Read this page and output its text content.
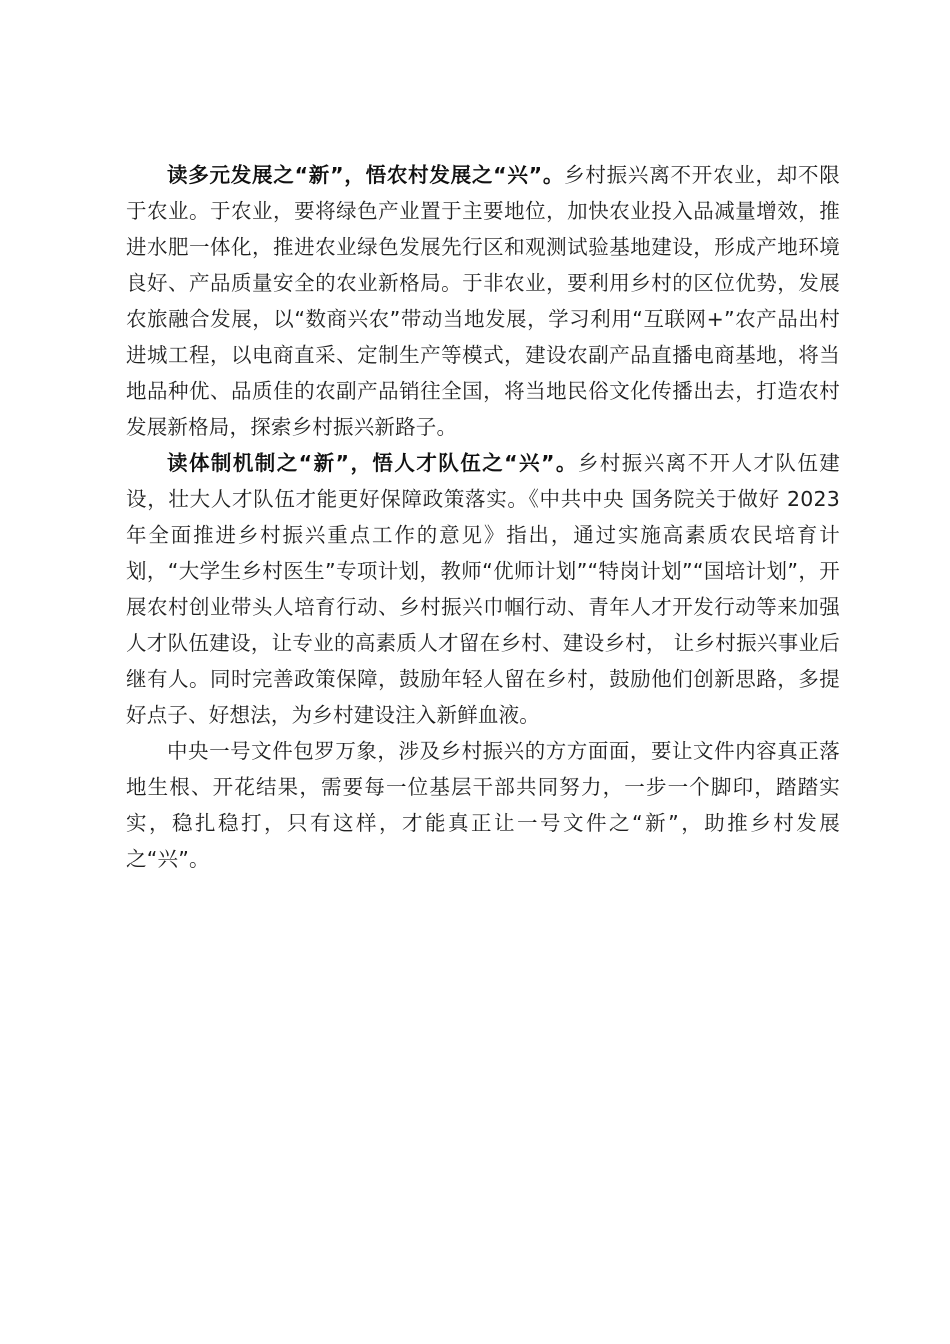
读多元发展之“新”，悟农村发展之“兴”。乡村振兴离不开农业，却不限于农业。于农业，要将绿色产业置于主要地位，加快农业投入品减量增效，推进水肥一体化，推进农业绿色发展先行区和观测试验基地建设，形成产地环境良好、产品质量安全的农业新格局。于非农业，要利用乡村的区位优势，发展农旅融合发展，以“数商兴农”带动当地发展，学习利用“互联网+”农产品出村进城工程，以电商直采、定制生产等模式，建设农副产品直播电商基地，将当地品种优、品质佳的农副产品销往全国，将当地民俗文化传播出去，打造农村发展新格局，探索乡村振兴新路子。

读体制机制之“新”，悟人才队伍之“兴”。乡村振兴离不开人才队伍建设，壮大人才队伍才能更好保障政策落实。《中共中央 国务院关于做好 2023 年全面推进乡村振兴重点工作的意见》指出，通过实施高素质农民培育计划，“大学生乡村医生”专项计划，教师“优师计划”“特岗计划”“国培计划”，开展农村创业带头人培育行动、乡村振兴巾帼行动、青年人才开发行动等来加强人才队伍建设，让专业的高素质人才留在乡村、建设乡村， 让乡村振兴事业后继有人。同时完善政策保障，鼓励年轻人留在乡村，鼓励他们创新思路，多提好点子、好想法，为乡村建设注入新鲜血液。

中央一号文件包罗万象，涉及乡村振兴的方方面面，要让文件内容真正落地生根、开花结果，需要每一位基层干部共同努力，一步一个脚印，踏踏实实，稳扎稳打，只有这样，才能真正让一号文件之“新”，助推乡村发展之“兴”。
